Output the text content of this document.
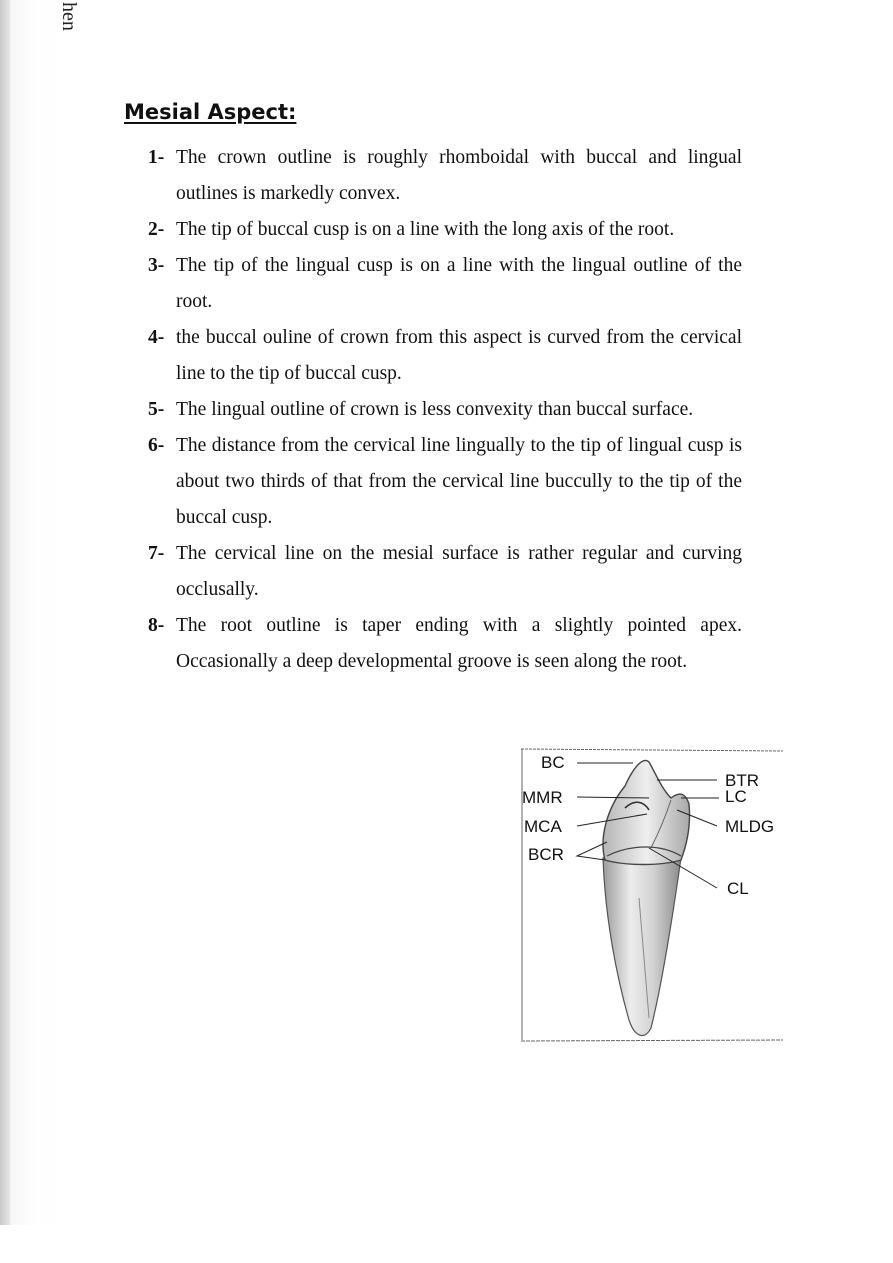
hen
Mesial Aspect:
1- The crown outline is roughly rhomboidal with buccal and lingual outlines is markedly convex.
2- The tip of buccal cusp is on a line with the long axis of the root.
3- The tip of the lingual cusp is on a line with the lingual outline of the root.
4- the buccal ouline of crown from this aspect is curved from the cervical line to the tip of buccal cusp.
5- The lingual outline of crown is less convexity than buccal surface.
6- The distance from the cervical line lingually to the tip of lingual cusp is about two thirds of that from the cervical line buccully to the tip of the buccal cusp.
7- The cervical line on the mesial surface is rather regular and curving occlusally.
8- The root outline is taper ending with a slightly pointed apex. Occasionally a deep developmental groove is seen along the root.
BC
MMR
MCA
BCR
BTR
LC
MLDG
CL
